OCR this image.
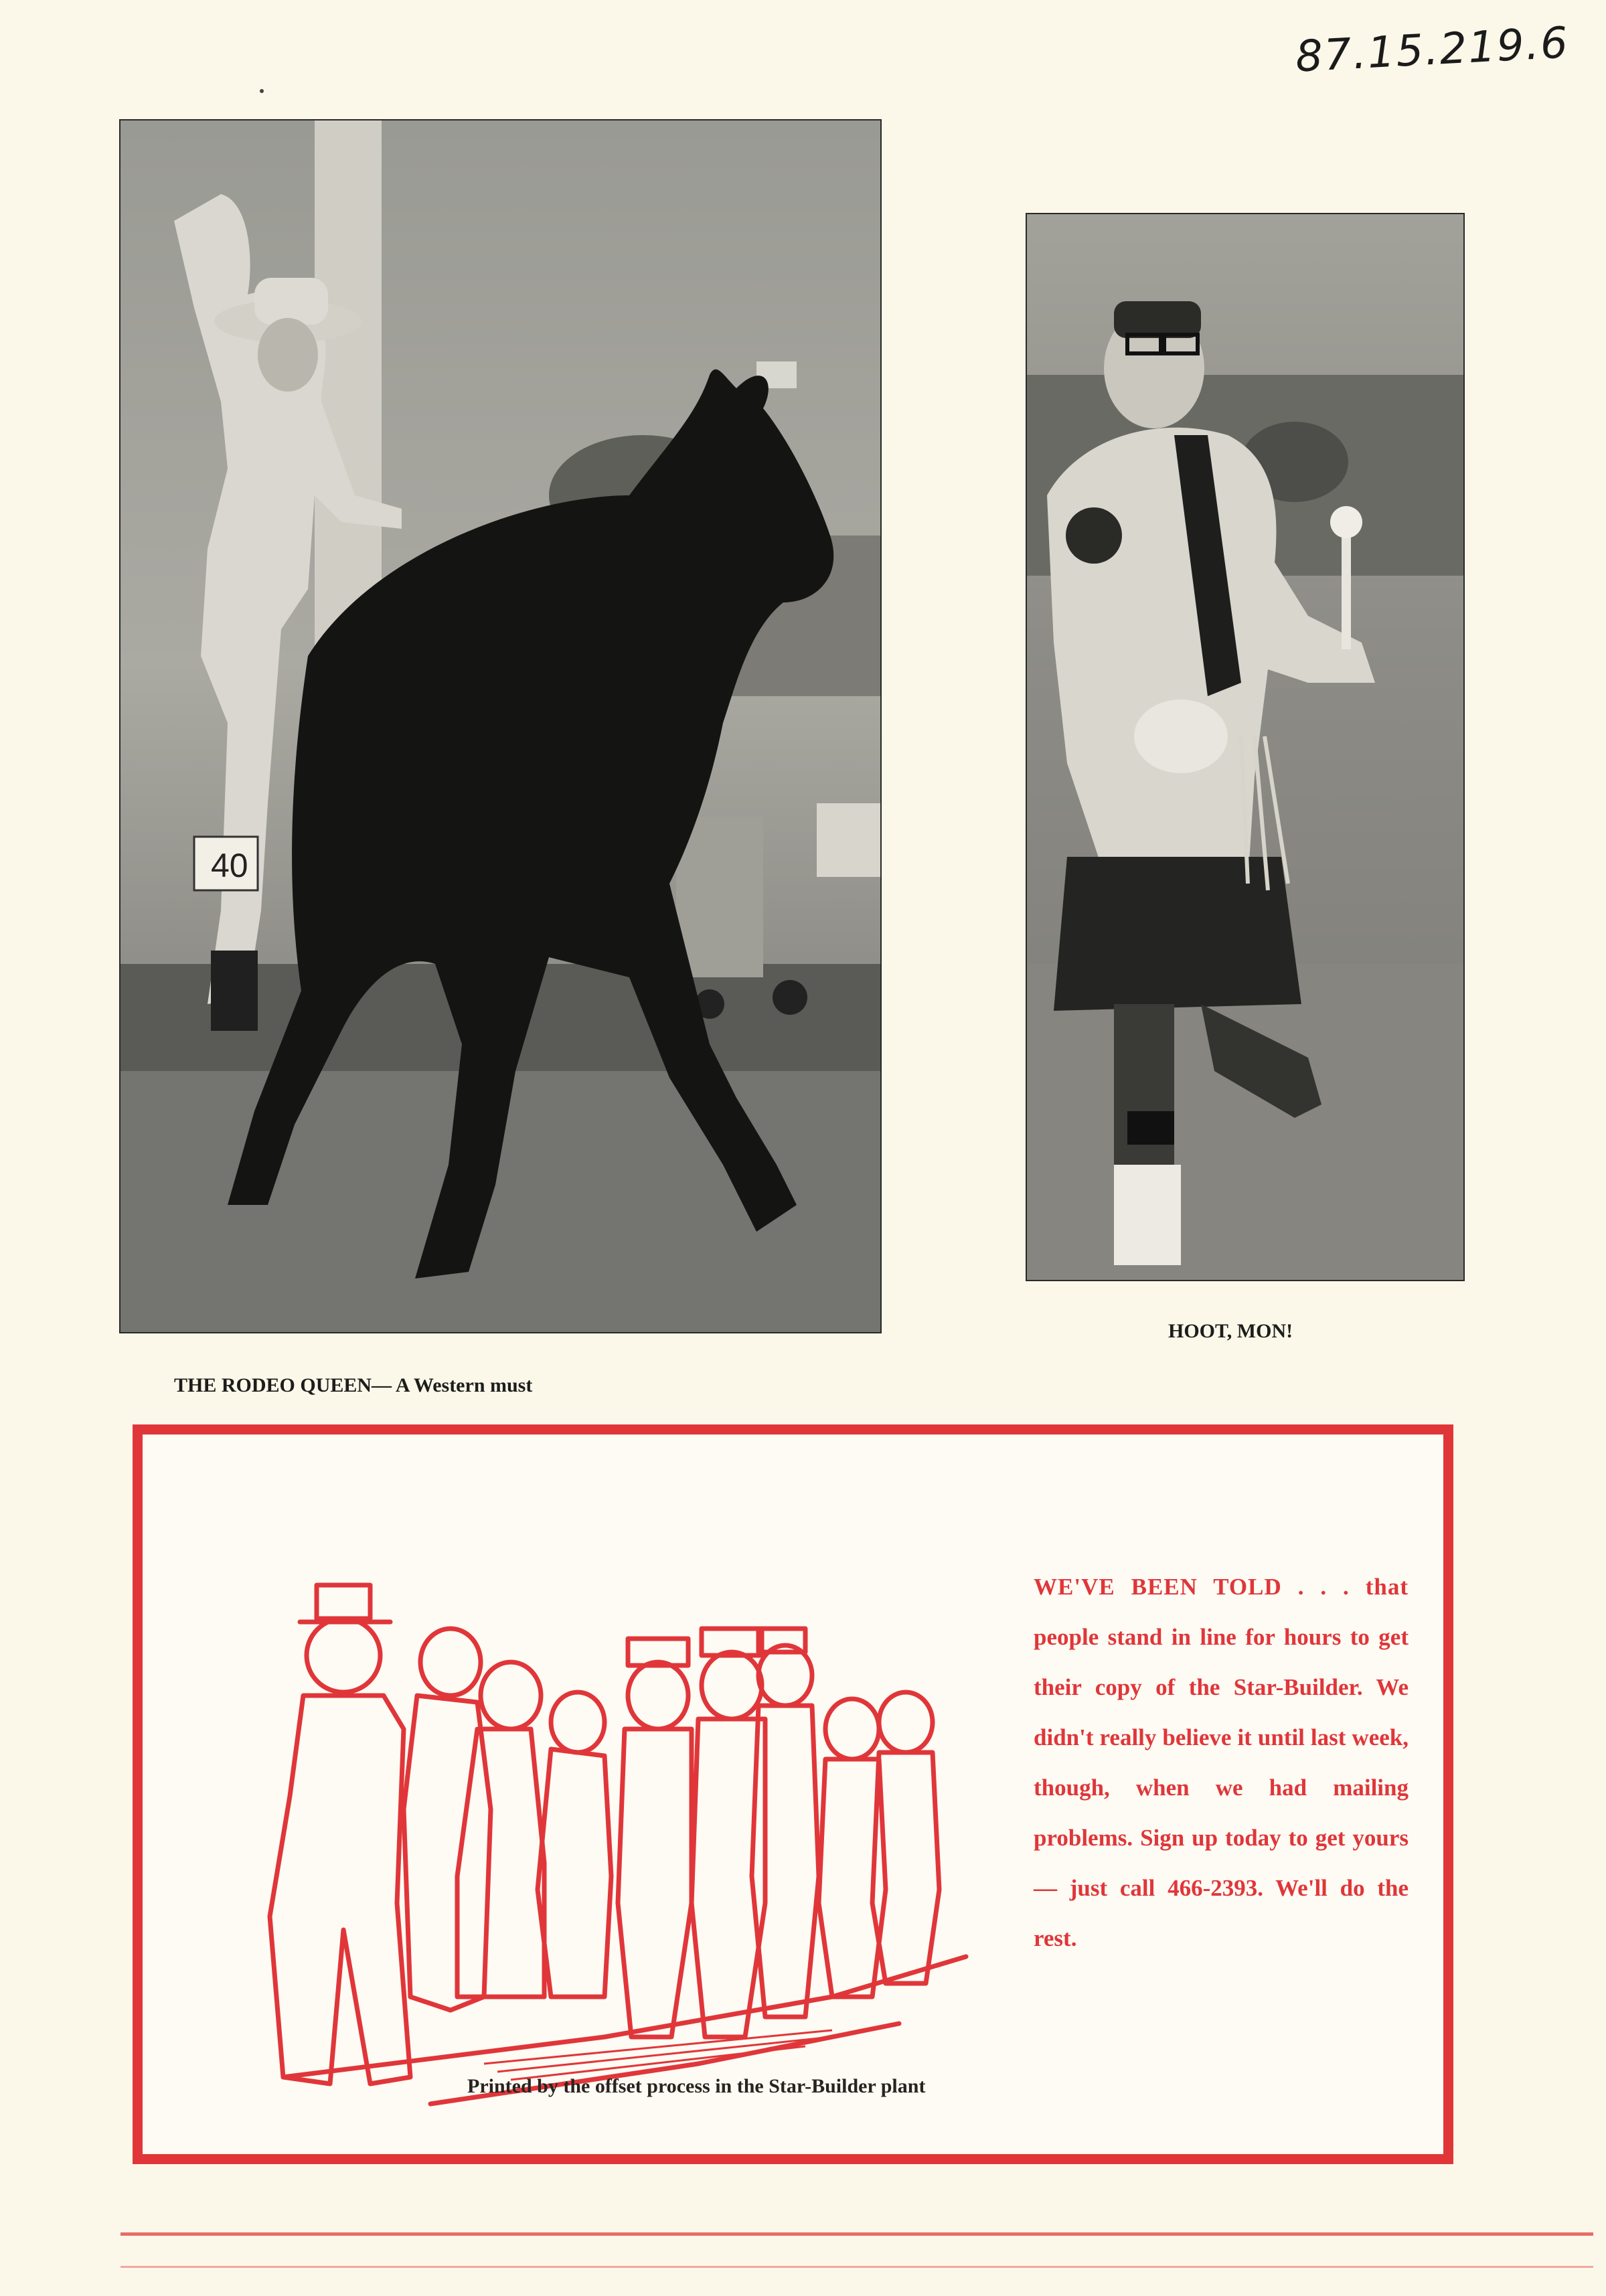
87.15.219.6
40
THE RODEO QUEEN— A Western must
HOOT, MON!
WE'VE BEEN TOLD . . . that people stand in line for hours to get their copy of the Star-Builder. We didn't really believe it until last week, though, when we had mailing problems. Sign up today to get yours — just call 466-2393. We'll do the rest.
Printed by the offset process in the Star-Builder plant
